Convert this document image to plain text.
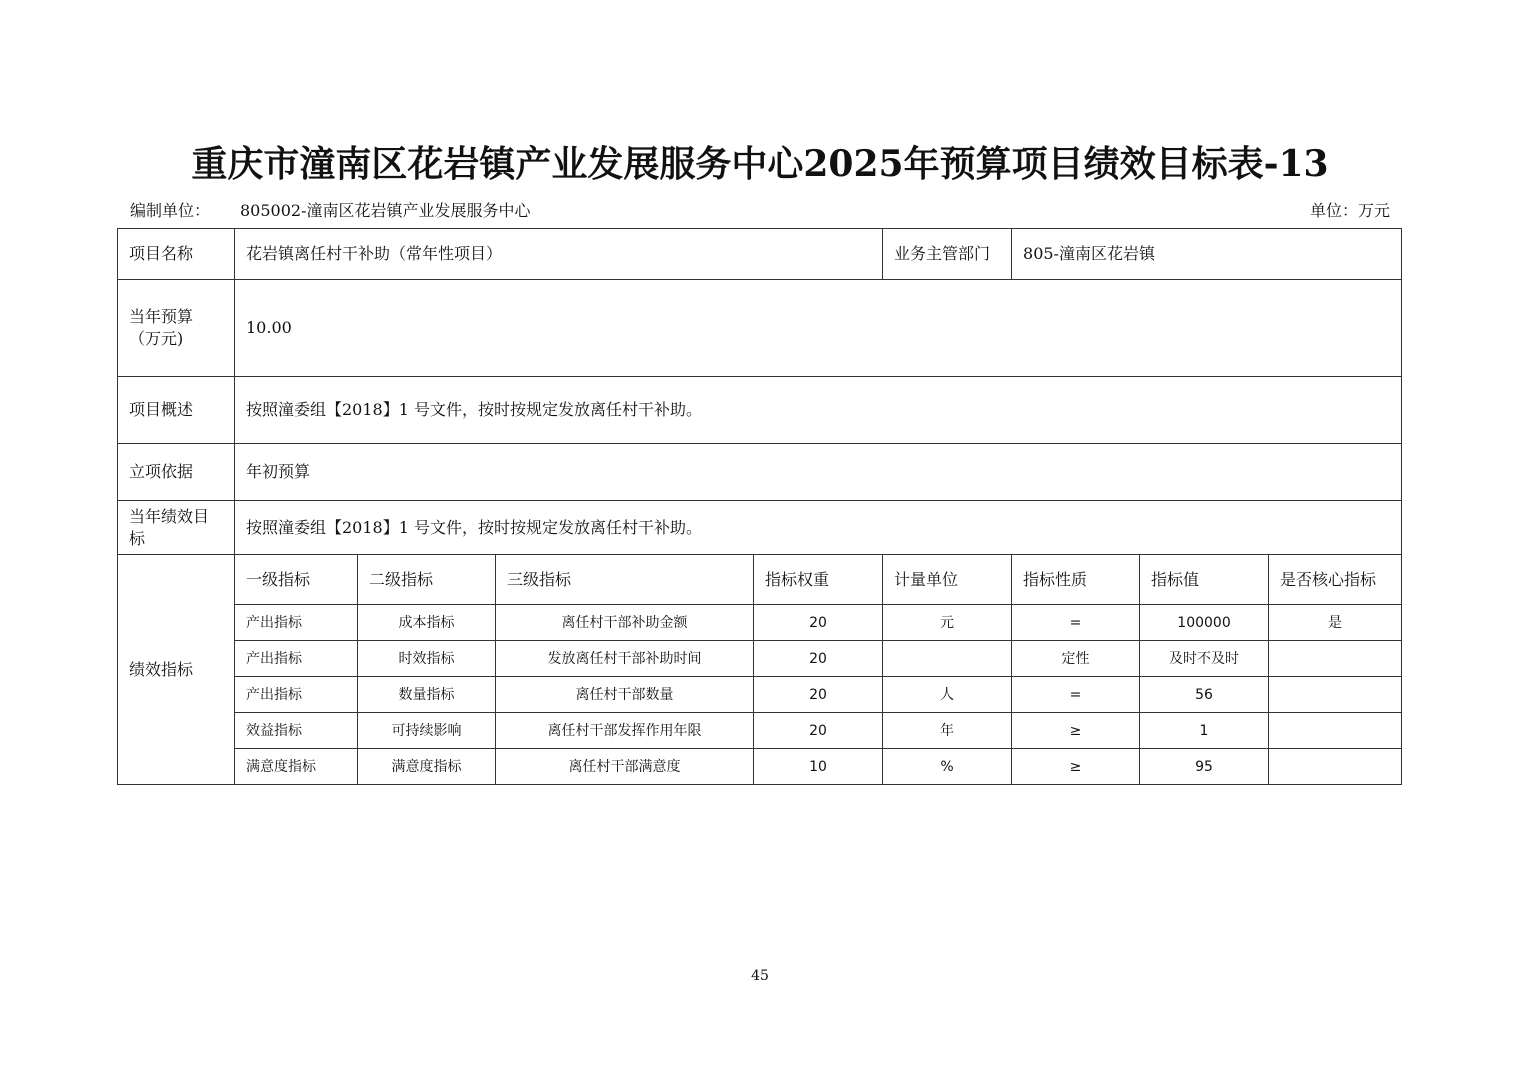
重庆市潼南区花岩镇产业发展服务中心2025年预算项目绩效目标表-13
编制单位： 805002-潼南区花岩镇产业发展服务中心	单位：万元
项目名称	花岩镇离任村干补助（常年性项目）				业务主管部门	805-潼南区花岩镇		
当年预算（万元)	10.00							
项目概述	按照潼委组【2018】1 号文件，按时按规定发放离任村干补助。							
立项依据	年初预算							
当年绩效目标	按照潼委组【2018】1 号文件，按时按规定发放离任村干补助。							
绩效指标	一级指标	二级指标	三级指标	指标权重	计量单位	指标性质	指标值	是否核心指标
	产出指标	成本指标	离任村干部补助金额	20	元	=	100000	是
	产出指标	时效指标	发放离任村干部补助时间	20		定性	及时不及时	
	产出指标	数量指标	离任村干部数量	20	人	=	56	
	效益指标	可持续影响	离任村干部发挥作用年限	20	年	≥	1	
	满意度指标	满意度指标	离任村干部满意度	10	%	≥	95	
45
